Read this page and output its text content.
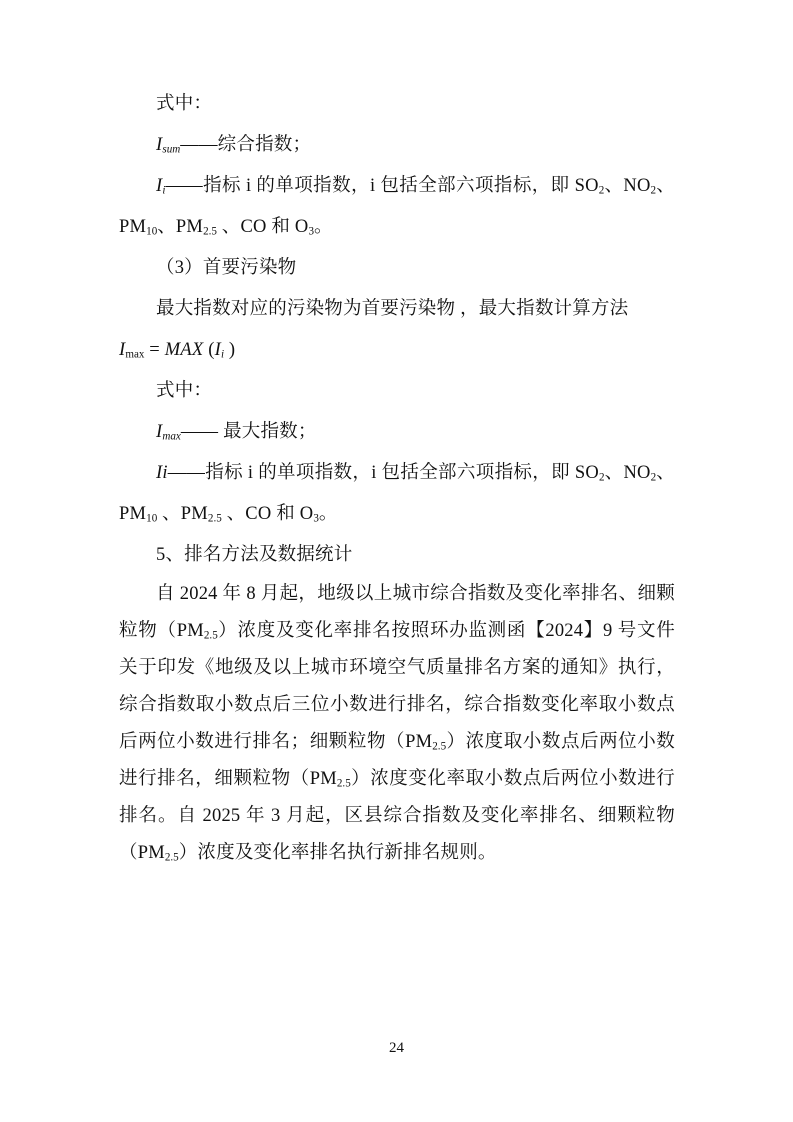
式中：

$I_{sum}——$综合指数；

$I_i——$指标 i 的单项指数，i 包括全部六项指标，即 $SO_2$、$NO_2$、

$PM_{10}$、$PM_{2.5}$ 、CO 和 $O_3$。

（3）首要污染物

最大指数对应的污染物为首要污染物 ，最大指数计算方法

$I_{max}$ = MAX ($I_i$ )

式中：

$I_{max}——$ 最大指数；

Ii——指标 i 的单项指数，i 包括全部六项指标，即 $SO_2$、$NO_2$、

$PM_{10}$ 、$PM_{2.5}$ 、CO 和 $O_3$。

5、排名方法及数据统计

自 2024 年 8 月起，地级以上城市综合指数及变化率排名、细颗

粒物$(PM_{2.5})$浓度及变化率排名按照环办监测函【2024】9 号文件

关于印发《地级及以上城市环境空气质量排名方案的通知》执行，

综合指数取小数点后三位小数进行排名，综合指数变化率取小数点

后两位小数进行排名；细颗粒物$(PM_{2.5})$浓度取小数点后两位小数

进行排名，细颗粒物$(PM_{2.5})$浓度变化率取小数点后两位小数进行

排名。自 2025 年 3 月起，区县综合指数及变化率排名、细颗粒物

$(PM_{2.5})$浓度及变化率排名执行新排名规则。

24
